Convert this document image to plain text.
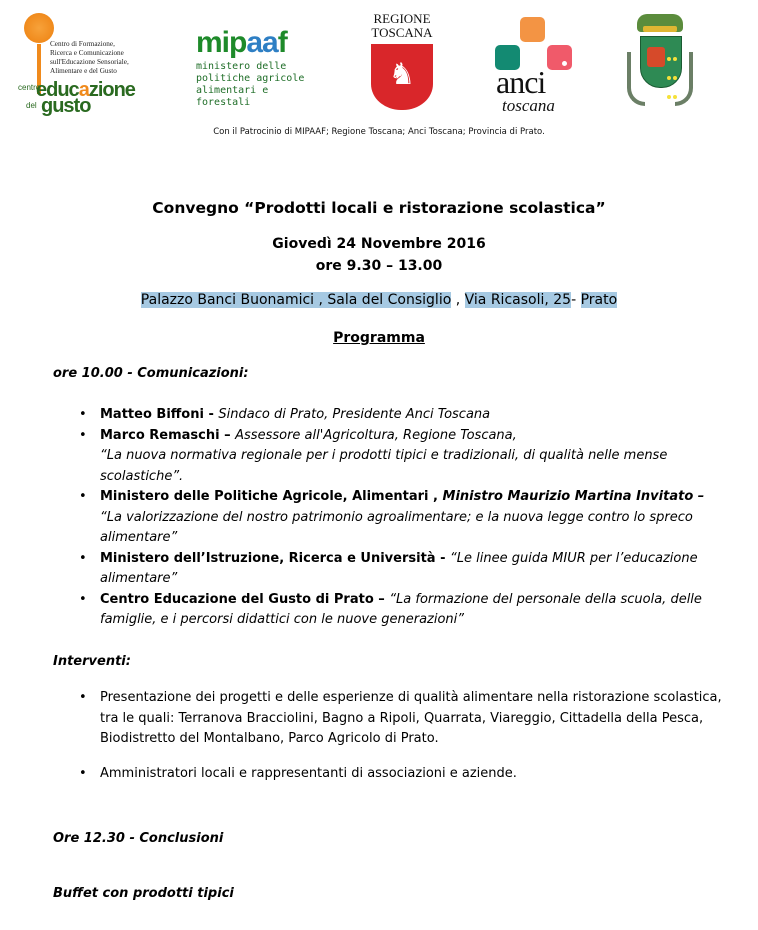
Centro di Formazione,
Ricerca e Comunicazione
sull'Educazione Sensoriale,
Alimentare e del Gusto
centro
educazione
del gusto
mipaaf
ministero delle
politiche agricole
alimentari e forestali
REGIONE
TOSCANA
♞	anci
toscana
Con il Patrocinio di MIPAAF; Regione Toscana; Anci Toscana; Provincia di Prato.
Convegno “Prodotti locali e ristorazione scolastica”
Giovedì 24 Novembre 2016
ore 9.30 – 13.00
Palazzo Banci Buonamici , Sala del Consiglio , Via Ricasoli, 25- Prato
Programma
ore 10.00 - Comunicazioni:
• Matteo Biffoni - Sindaco di Prato, Presidente Anci Toscana
• Marco Remaschi – Assessore all'Agricoltura, Regione Toscana,
“La nuova normativa regionale per i prodotti tipici e tradizionali, di qualità nelle mense scolastiche”.
• Ministero delle Politiche Agricole, Alimentari , Ministro Maurizio Martina Invitato –
“La valorizzazione del nostro patrimonio agroalimentare; e la nuova legge contro lo spreco alimentare”
• Ministero dell’Istruzione, Ricerca e Università - “Le linee guida MIUR per l’educazione alimentare”
• Centro Educazione del Gusto di Prato – “La formazione del personale della scuola, delle famiglie, e i percorsi didattici con le nuove generazioni”
Interventi:
• Presentazione dei progetti e delle esperienze di qualità alimentare nella ristorazione scolastica, tra le quali: Terranova Bracciolini, Bagno a Ripoli, Quarrata, Viareggio, Cittadella della Pesca, Biodistretto del Montalbano, Parco Agricolo di Prato.
• Amministratori locali e rappresentanti di associazioni e aziende.
Ore 12.30 - Conclusioni
Buffet con prodotti tipici
